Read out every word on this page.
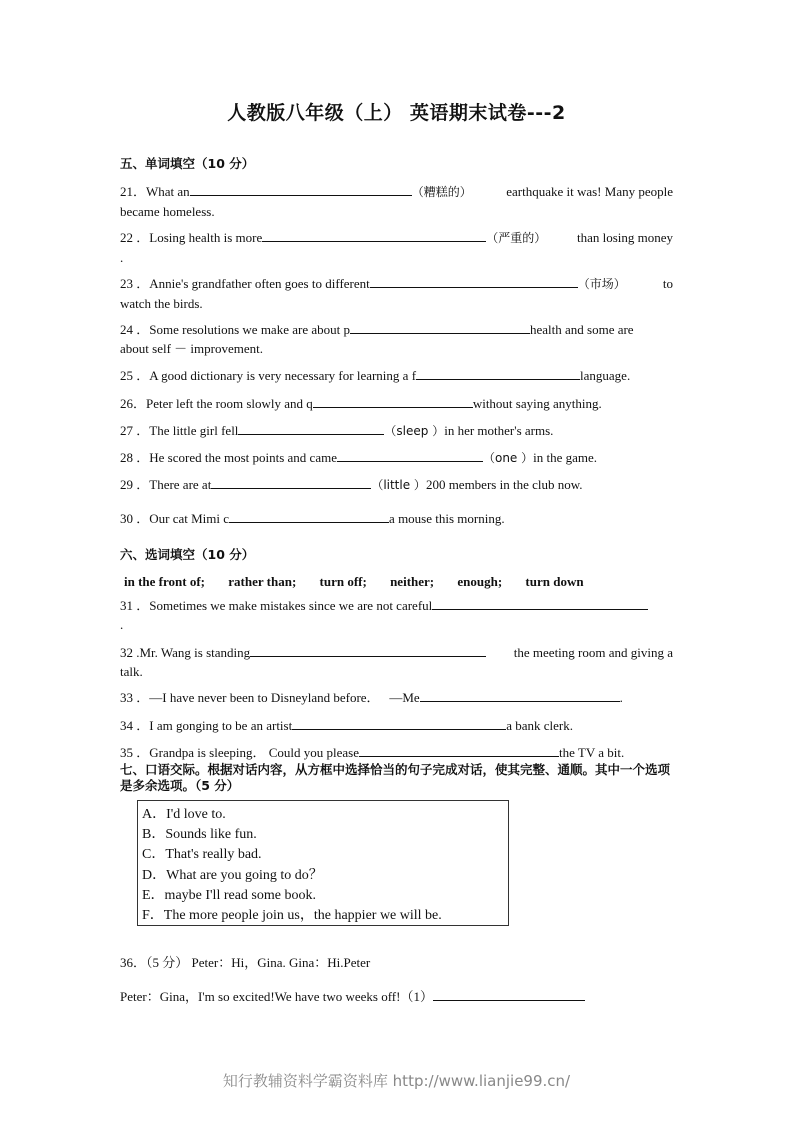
人教版八年级（上） 英语期末试卷---2
五、单词填空（10 分）
21．What an	（糟糕的）	earthquake it was! Many people
became homeless.
22 ．Losing health is more	（严重的） than losing money
.
23 ．Annie's grandfather often goes to different	（市场）	to
watch the birds.
24 ．Some resolutions we make are about p	health and some are
about self － improvement.
25 ．A good dictionary is very necessary for learning a f	language.
26．Peter left the room slowly and q	without saying anything.
27 ．The little girl fell	（sleep ）in her mother's arms.
28 ．He scored the most points and came	（one ）in the game.
29 ．There are at	（little ）200 members in the club now.
30 ．Our cat Mimi c	a mouse this morning.
六、选词填空（10 分）
in the front of; rather than; turn off; neither; enough; turn down
31 ．Sometimes we make mistakes since we are not careful
.
32 .Mr. Wang is standing	the meeting room and giving a
talk.
33 ．—I have never been to Disneyland before． —Me	.
34 ．I am gonging to be an artist	a bank clerk.
35 ．Grandpa is sleeping． Could you please	the TV a bit.
七、口语交际。根据对话内容，从方框中选择恰当的句子完成对话，使其完整、通顺。其中一个选项是多余选项。（5 分）
A．I'd love to.
B．Sounds like fun.
C．That's really bad.
D．What are you going to do？
E．maybe I'll read some book.
F．The more people join us，the happier we will be.
36．（5 分） Peter：Hi，Gina. Gina：Hi.Peter
Peter：Gina，I'm so excited!We have two weeks off!（1）
知行教辅资料学霸资料库 http://www.lianjie99.cn/
